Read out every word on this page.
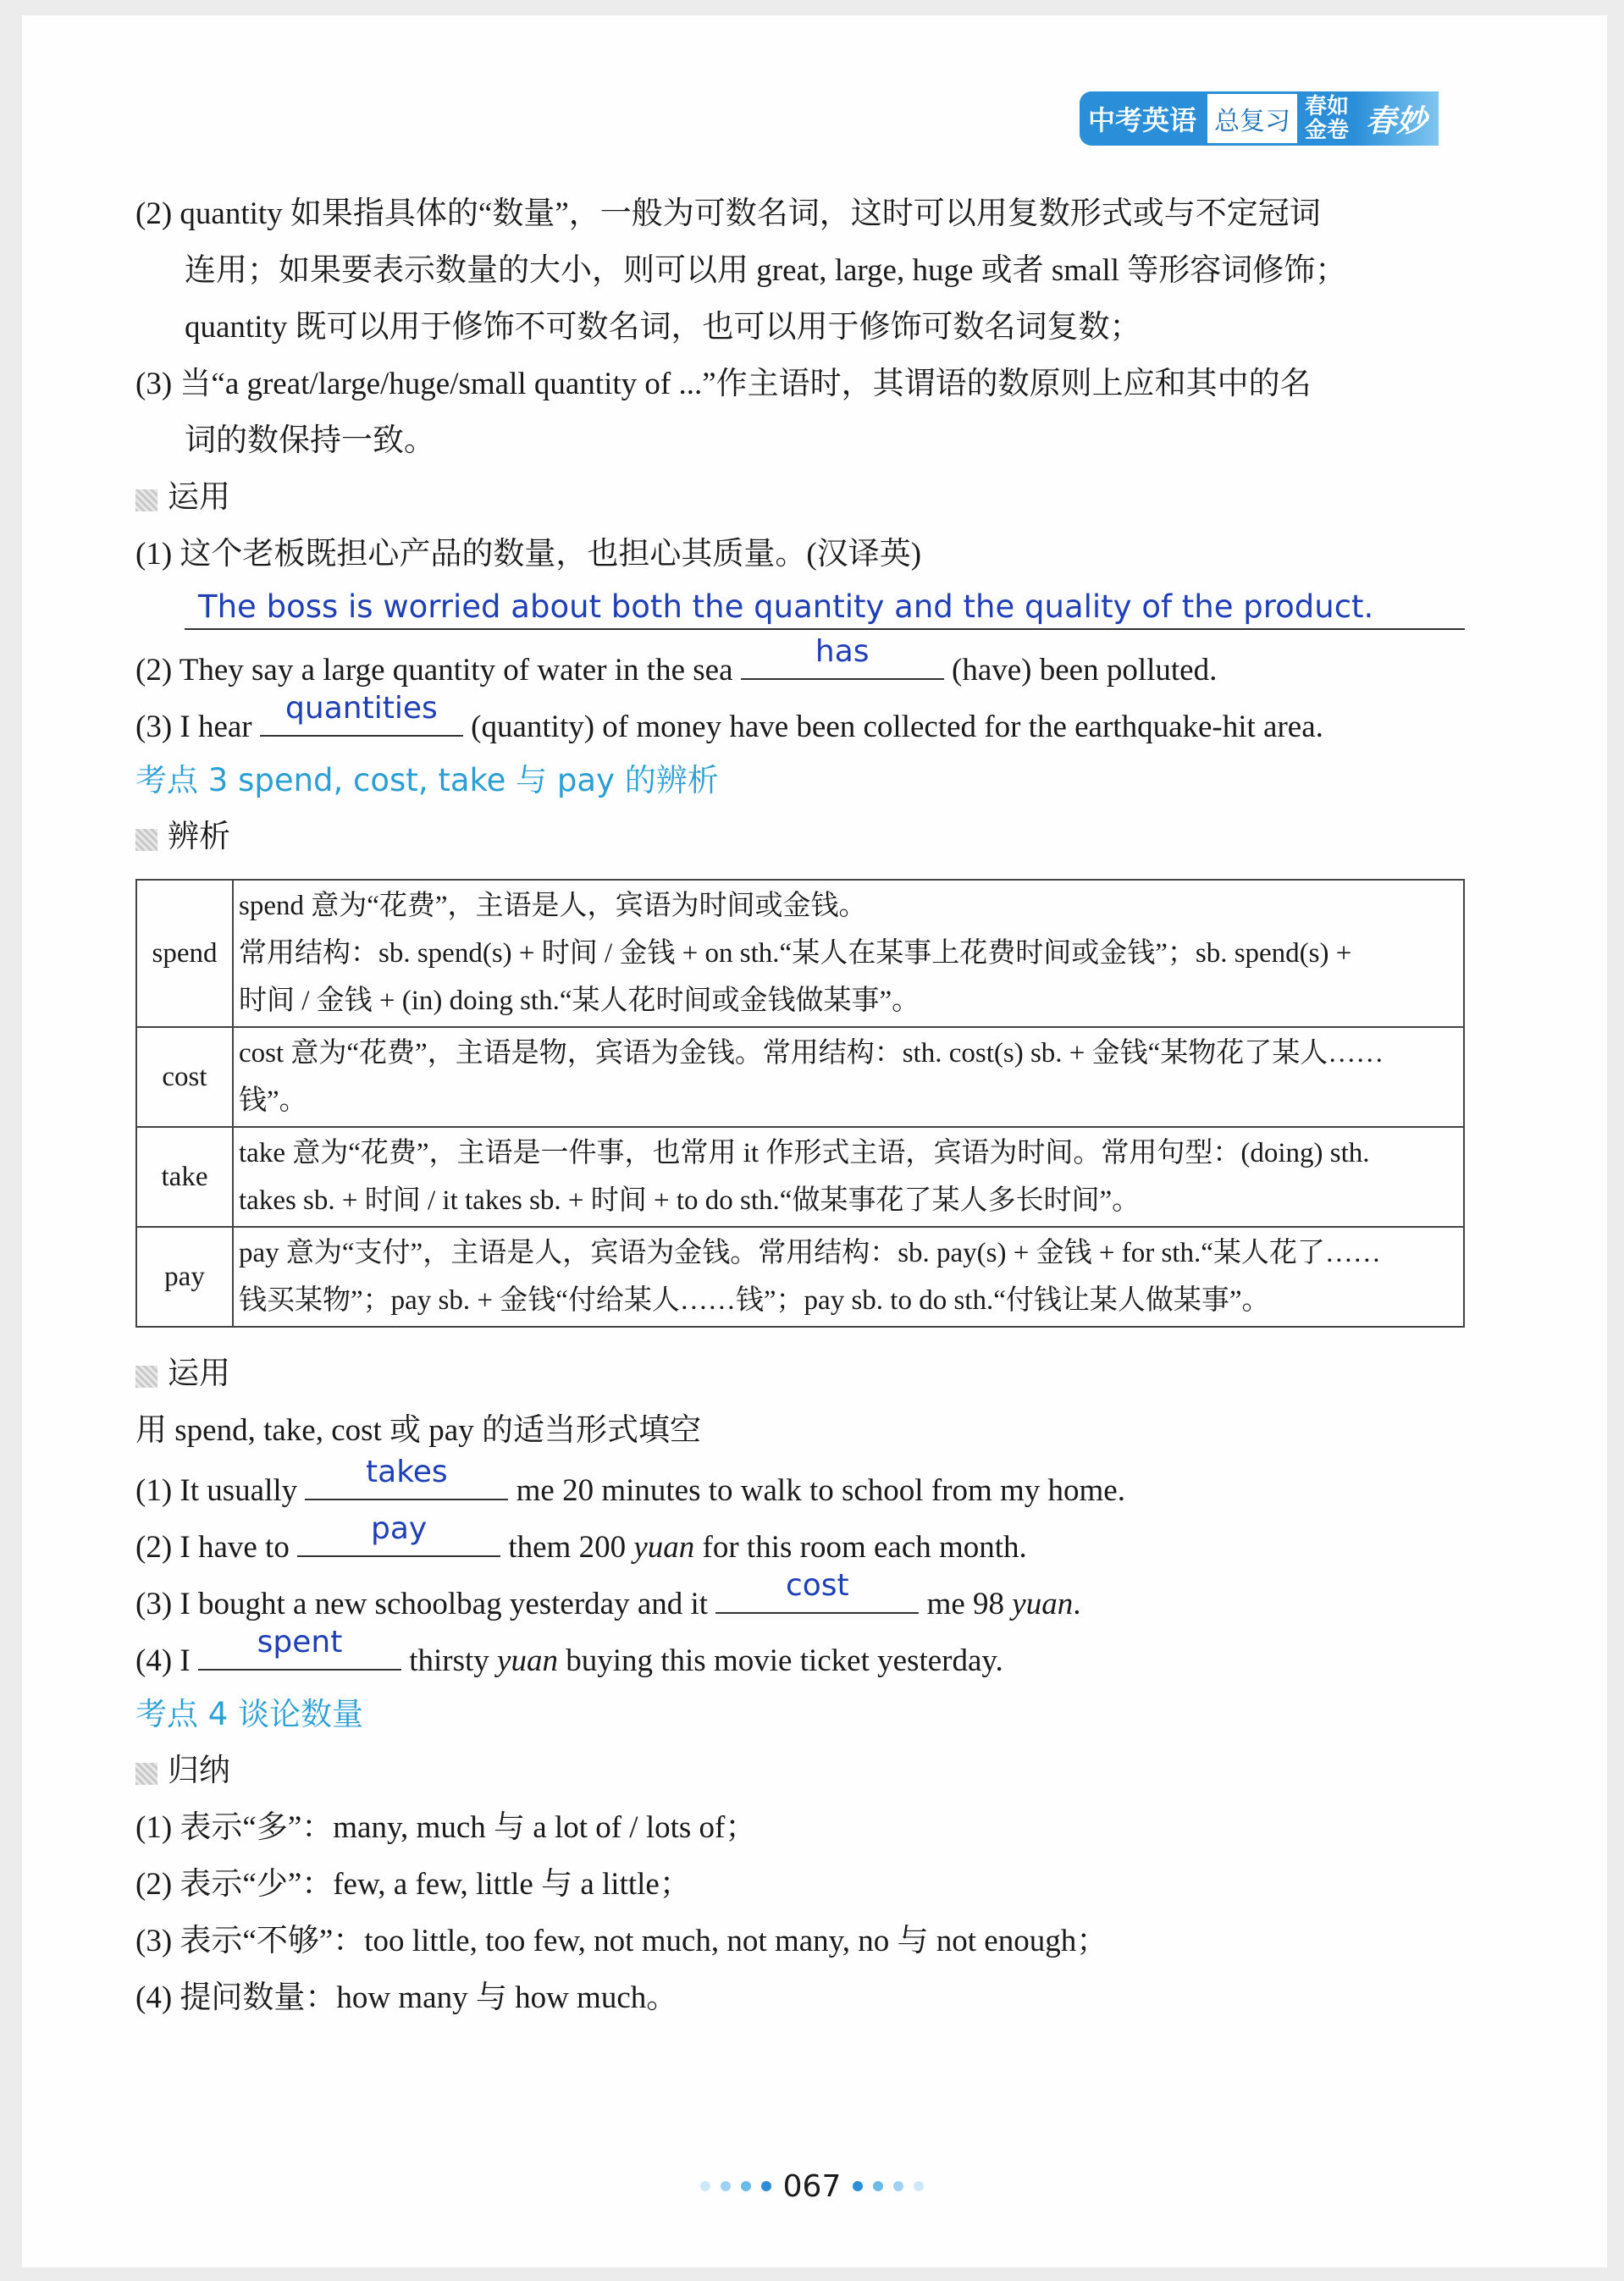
中考英语 总复习 春如
金卷 春妙
(2) quantity 如果指具体的“数量”，一般为可数名词，这时可以用复数形式或与不定冠词
连用；如果要表示数量的大小，则可以用 great, large, huge 或者 small 等形容词修饰；
quantity 既可以用于修饰不可数名词，也可以用于修饰可数名词复数；
(3) 当“a great/large/huge/small quantity of ...”作主语时，其谓语的数原则上应和其中的名
词的数保持一致。
运用
(1) 这个老板既担心产品的数量，也担心其质量。(汉译英)
The boss is worried about both the quantity and the quality of the product.
(2) They say a large quantity of water in the sea
has
(have) been polluted.
(3) I hear
quantities
(quantity) of money have been collected for the earthquake-hit area.
考点 3 spend, cost, take 与 pay 的辨析
辨析
spend	spend 意为“花费”，主语是人，宾语为时间或金钱。
常用结构：sb. spend(s) + 时间 / 金钱 + on sth.“某人在某事上花费时间或金钱”；sb. spend(s) +
时间 / 金钱 + (in) doing sth.“某人花时间或金钱做某事”。

cost	cost 意为“花费”，主语是物，宾语为金钱。常用结构：sth. cost(s) sb. + 金钱“某物花了某人……
钱”。

take	take 意为“花费”，主语是一件事，也常用 it 作形式主语，宾语为时间。常用句型：(doing) sth.
takes sb. + 时间 / it takes sb. + 时间 + to do sth.“做某事花了某人多长时间”。

pay	pay 意为“支付”，主语是人，宾语为金钱。常用结构：sb. pay(s) + 金钱 + for sth.“某人花了……
钱买某物”；pay sb. + 金钱“付给某人……钱”；pay sb. to do sth.“付钱让某人做某事”。
运用
用 spend, take, cost 或 pay 的适当形式填空
(1) It usually
takes
me 20 minutes to walk to school from my home.
(2) I have to
pay
them 200 yuan for this room each month.
(3) I bought a new schoolbag yesterday and it
cost
me 98 yuan.
(4) I
spent
thirsty yuan buying this movie ticket yesterday.
考点 4 谈论数量
归纳
(1) 表示“多”：many, much 与 a lot of / lots of；
(2) 表示“少”：few, a few, little 与 a little；
(3) 表示“不够”：too little, too few, not much, not many, no 与 not enough；
(4) 提问数量：how many 与 how much。
067
